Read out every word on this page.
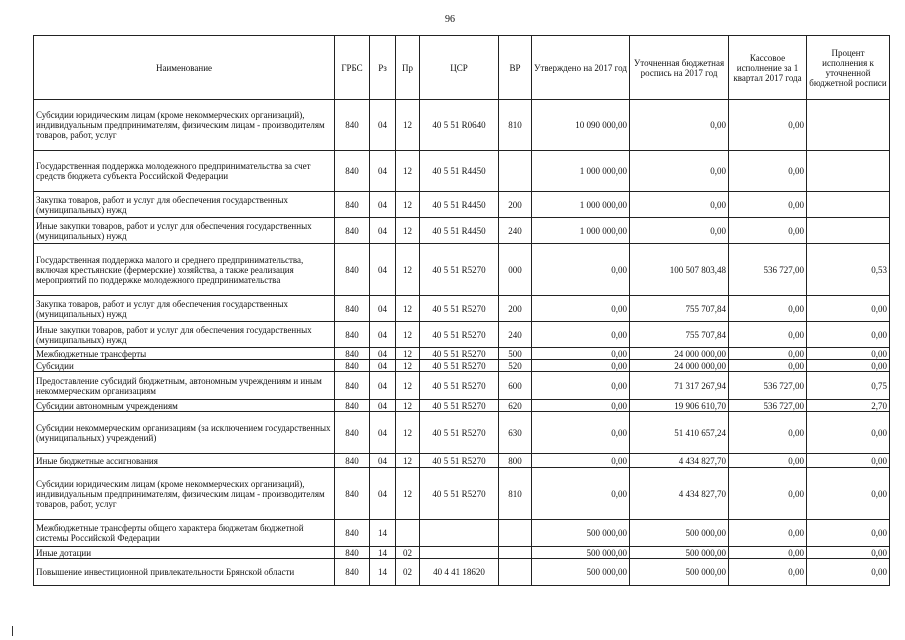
96
Наименование	ГРБС	Рз	Пр	ЦСР	ВР	Утверждено на 2017 год	Уточненная бюджетная роспись на 2017 год	Кассовое исполнение за 1 квартал 2017 года	Процент исполнения к уточненной бюджетной росписи
Субсидии юридическим лицам (кроме некоммерческих организаций), индивидуальным предпринимателям, физическим лицам - производителям товаров, работ, услуг	840	04	12	40 5 51 R0640	810	10 090 000,00	0,00	0,00	
Государственная поддержка молодежного предпринимательства за счет средств бюджета субъекта Российской Федерации	840	04	12	40 5 51 R4450		1 000 000,00	0,00	0,00	
Закупка товаров, работ и услуг для обеспечения государственных (муниципальных) нужд	840	04	12	40 5 51 R4450	200	1 000 000,00	0,00	0,00	
Иные закупки товаров, работ и услуг для обеспечения государственных (муниципальных) нужд	840	04	12	40 5 51 R4450	240	1 000 000,00	0,00	0,00	
Государственная поддержка малого и среднего предпринимательства, включая крестьянские (фермерские) хозяйства, а также реализация мероприятий по поддержке молодежного предпринимательства	840	04	12	40 5 51 R5270	000	0,00	100 507 803,48	536 727,00	0,53
Закупка товаров, работ и услуг для обеспечения государственных (муниципальных) нужд	840	04	12	40 5 51 R5270	200	0,00	755 707,84	0,00	0,00
Иные закупки товаров, работ и услуг для обеспечения государственных (муниципальных) нужд	840	04	12	40 5 51 R5270	240	0,00	755 707,84	0,00	0,00
Межбюджетные трансферты	840	04	12	40 5 51 R5270	500	0,00	24 000 000,00	0,00	0,00
Субсидии	840	04	12	40 5 51 R5270	520	0,00	24 000 000,00	0,00	0,00
Предоставление субсидий бюджетным, автономным учреждениям и иным некоммерческим организациям	840	04	12	40 5 51 R5270	600	0,00	71 317 267,94	536 727,00	0,75
Субсидии автономным учреждениям	840	04	12	40 5 51 R5270	620	0,00	19 906 610,70	536 727,00	2,70
Субсидии некоммерческим организациям (за исключением государственных (муниципальных) учреждений)	840	04	12	40 5 51 R5270	630	0,00	51 410 657,24	0,00	0,00
Иные бюджетные ассигнования	840	04	12	40 5 51 R5270	800	0,00	4 434 827,70	0,00	0,00
Субсидии юридическим лицам (кроме некоммерческих организаций), индивидуальным предпринимателям, физическим лицам - производителям товаров, работ, услуг	840	04	12	40 5 51 R5270	810	0,00	4 434 827,70	0,00	0,00
Межбюджетные трансферты общего характера бюджетам бюджетной системы Российской Федерации	840	14				500 000,00	500 000,00	0,00	0,00
Иные дотации	840	14	02			500 000,00	500 000,00	0,00	0,00
Повышение инвестиционной привлекательности Брянской области	840	14	02	40 4 41 18620		500 000,00	500 000,00	0,00	0,00
